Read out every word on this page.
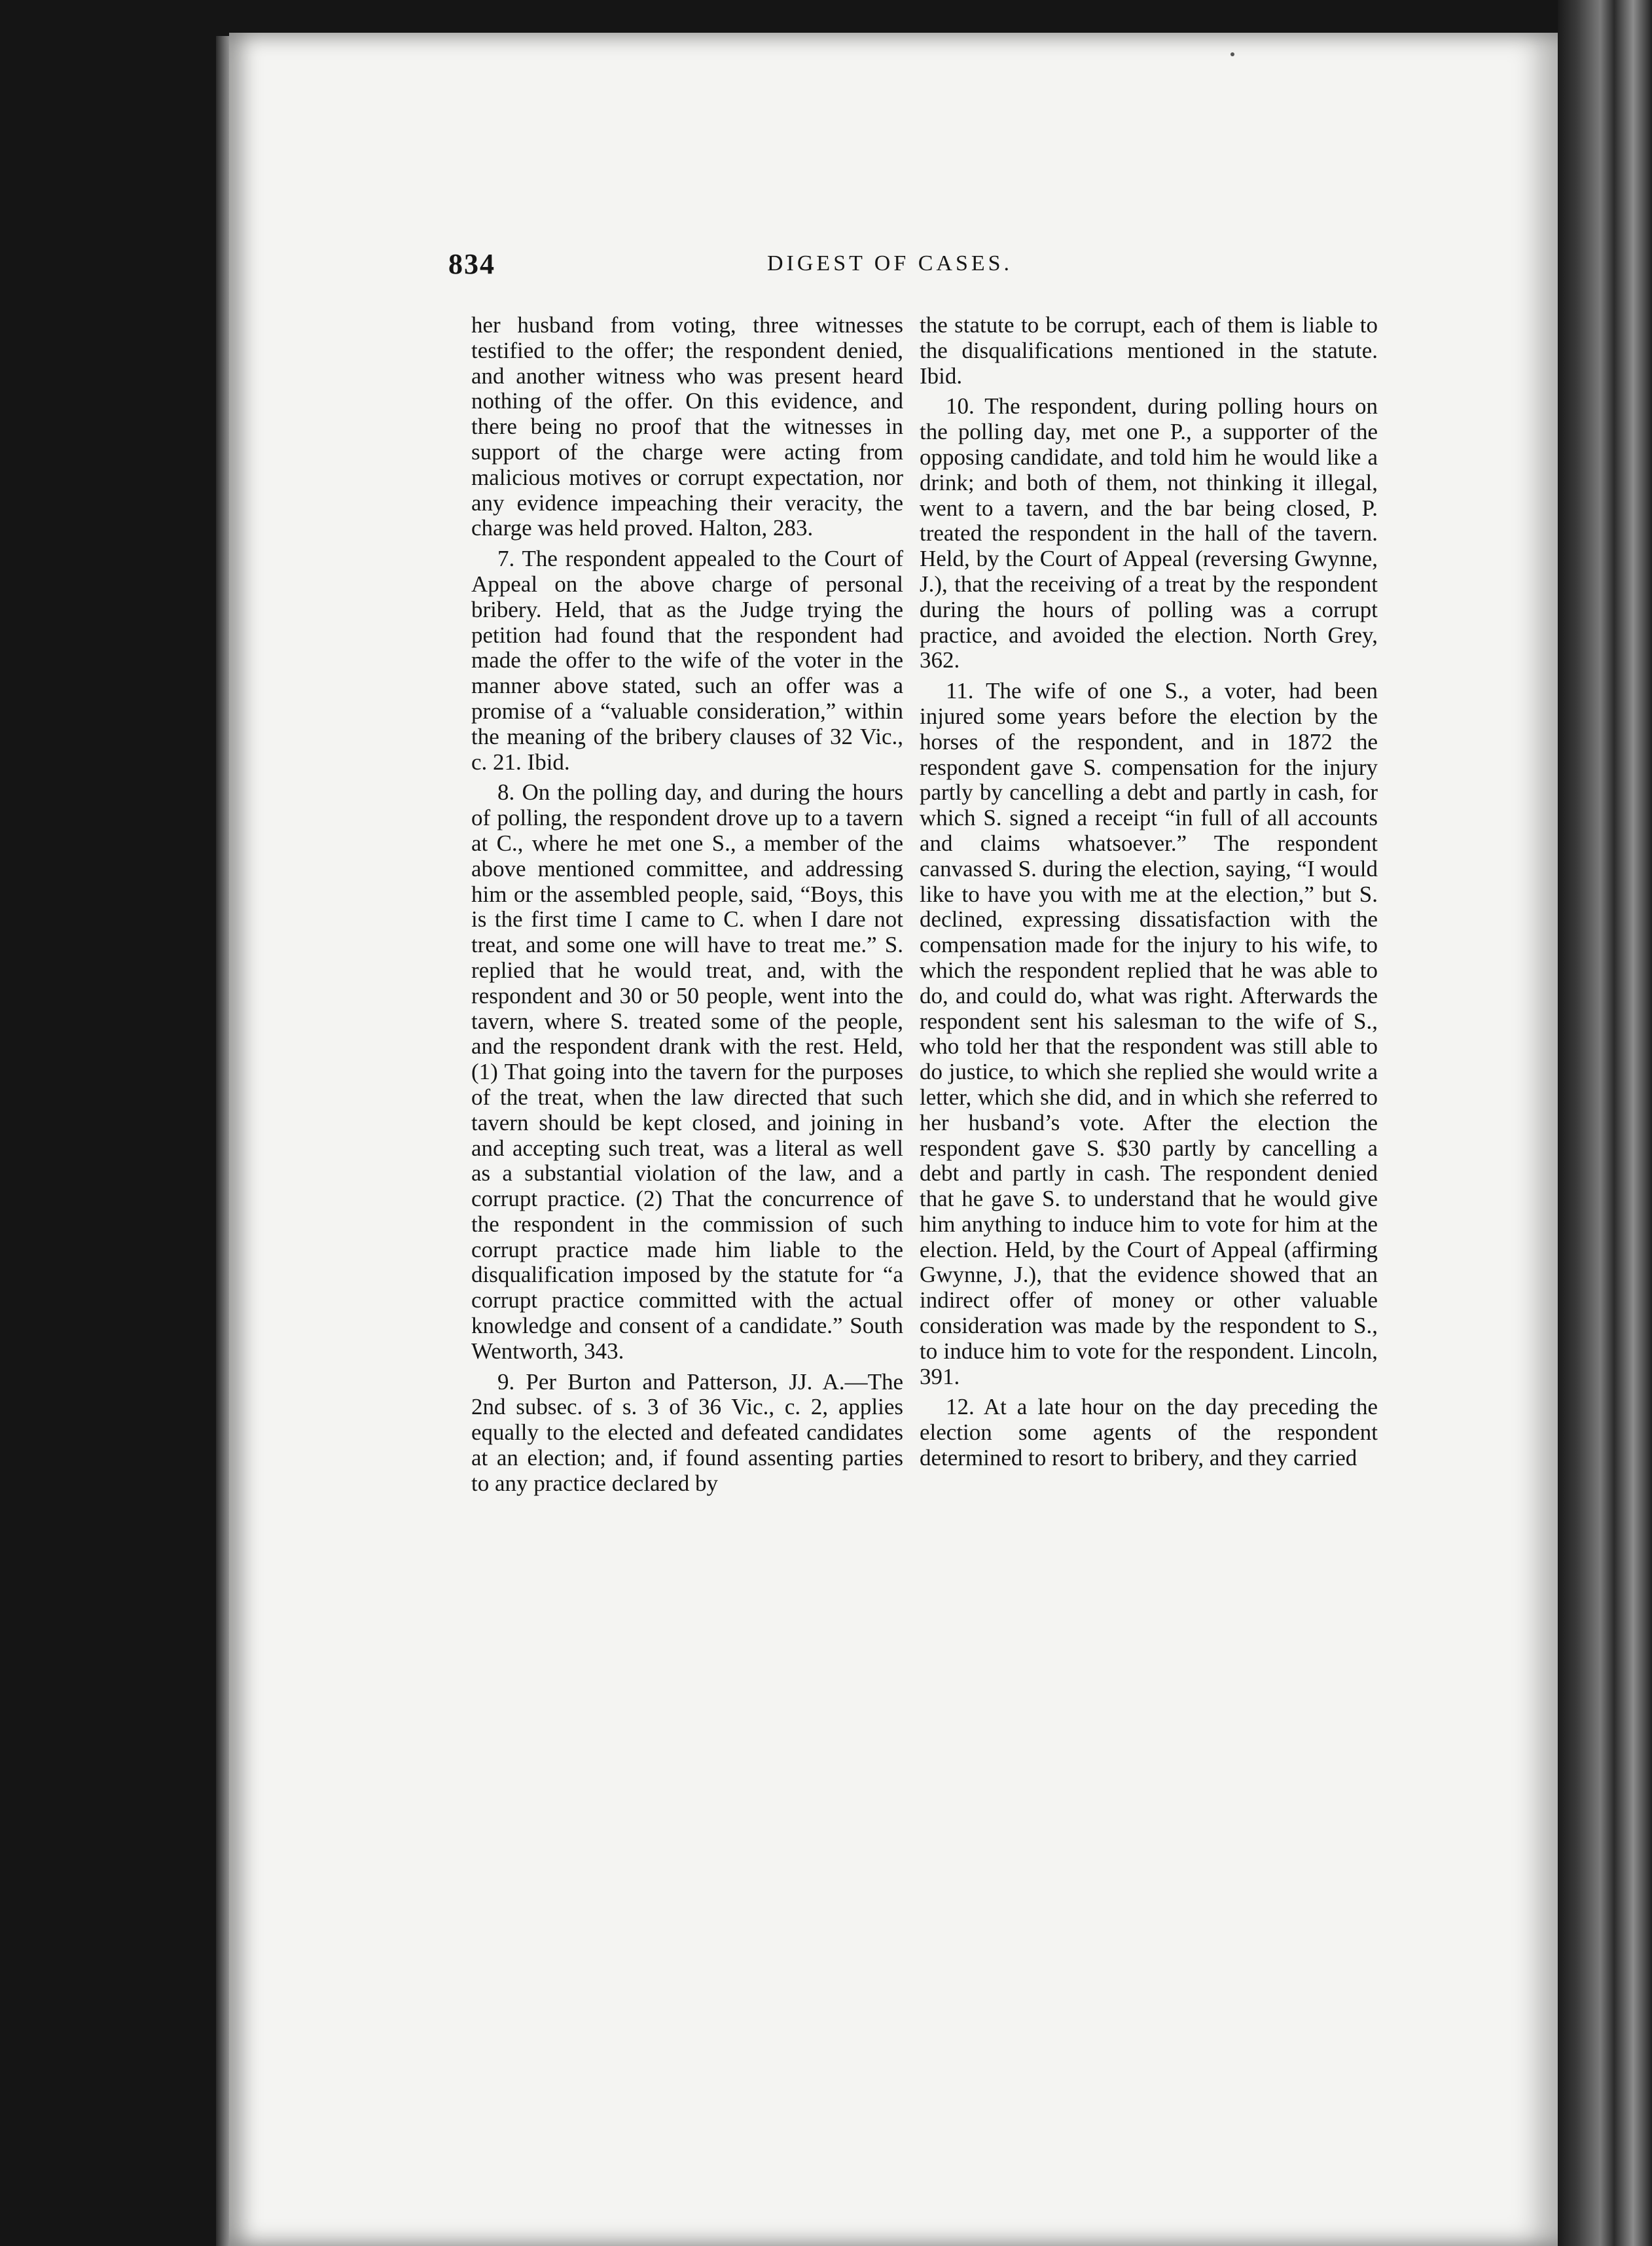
834	DIGEST OF CASES.

her husband from voting, three witnesses testified to the offer; the respondent denied, and another witness who was present heard nothing of the offer. On this evidence, and there being no proof that the witnesses in support of the charge were acting from malicious motives or corrupt expectation, nor any evidence impeaching their veracity, the charge was held proved. Halton, 283.

7. The respondent appealed to the Court of Appeal on the above charge of personal bribery. Held, that as the Judge trying the petition had found that the respondent had made the offer to the wife of the voter in the manner above stated, such an offer was a promise of a “valuable consideration,” within the meaning of the bribery clauses of 32 Vic., c. 21. Ibid.

8. On the polling day, and during the hours of polling, the respondent drove up to a tavern at C., where he met one S., a member of the above mentioned committee, and addressing him or the assembled people, said, “Boys, this is the first time I came to C. when I dare not treat, and some one will have to treat me.” S. replied that he would treat, and, with the respondent and 30 or 50 people, went into the tavern, where S. treated some of the people, and the respondent drank with the rest. Held, (1) That going into the tavern for the purposes of the treat, when the law directed that such tavern should be kept closed, and joining in and accepting such treat, was a literal as well as a substantial violation of the law, and a corrupt practice. (2) That the concurrence of the respondent in the commission of such corrupt practice made him liable to the disqualification imposed by the statute for “a corrupt practice committed with the actual knowledge and consent of a candidate.” South Wentworth, 343.

9. Per Burton and Patterson, JJ. A.—The 2nd subsec. of s. 3 of 36 Vic., c. 2, applies equally to the elected and defeated candidates at an election; and, if found assenting parties to any practice declared by

the statute to be corrupt, each of them is liable to the disqualifications mentioned in the statute. Ibid.

10. The respondent, during polling hours on the polling day, met one P., a supporter of the opposing candidate, and told him he would like a drink; and both of them, not thinking it illegal, went to a tavern, and the bar being closed, P. treated the respondent in the hall of the tavern. Held, by the Court of Appeal (reversing Gwynne, J.), that the receiving of a treat by the respondent during the hours of polling was a corrupt practice, and avoided the election. North Grey, 362.

11. The wife of one S., a voter, had been injured some years before the election by the horses of the respondent, and in 1872 the respondent gave S. compensation for the injury partly by cancelling a debt and partly in cash, for which S. signed a receipt “in full of all accounts and claims whatsoever.” The respondent canvassed S. during the election, saying, “I would like to have you with me at the election,” but S. declined, expressing dissatisfaction with the compensation made for the injury to his wife, to which the respondent replied that he was able to do, and could do, what was right. Afterwards the respondent sent his salesman to the wife of S., who told her that the respondent was still able to do justice, to which she replied she would write a letter, which she did, and in which she referred to her husband’s vote. After the election the respondent gave S. $30 partly by cancelling a debt and partly in cash. The respondent denied that he gave S. to understand that he would give him anything to induce him to vote for him at the election. Held, by the Court of Appeal (affirming Gwynne, J.), that the evidence showed that an indirect offer of money or other valuable consideration was made by the respondent to S., to induce him to vote for the respondent. Lincoln, 391.

12. At a late hour on the day preceding the election some agents of the respondent determined to resort to bribery, and they carried
